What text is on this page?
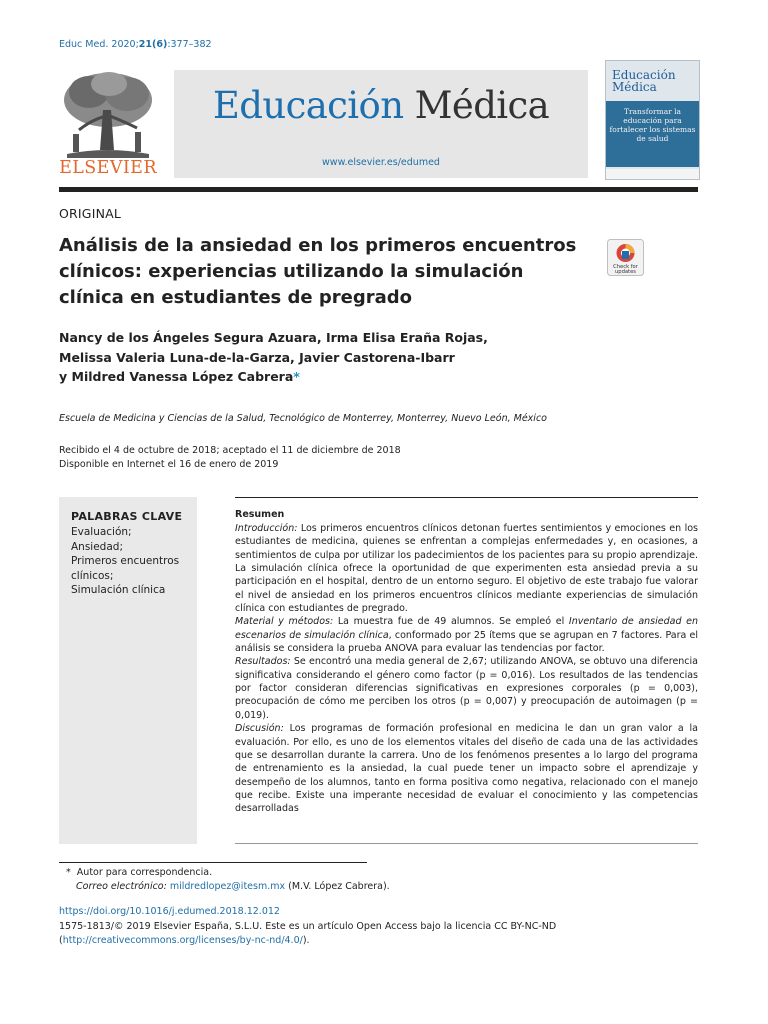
Educ Med. 2020;21(6):377–382
ELSEVIER
Educación Médica
www.elsevier.es/edumed
Educación
Médica
Transformar la educación para fortalecer los sistemas de salud
ORIGINAL
Análisis de la ansiedad en los primeros encuentros clínicos: experiencias utilizando la simulación clínica en estudiantes de pregrado
Check for
updates
Nancy de los Ángeles Segura Azuara, Irma Elisa Eraña Rojas,
Melissa Valeria Luna-de-la-Garza, Javier Castorena-Ibarr
y Mildred Vanessa López Cabrera*
Escuela de Medicina y Ciencias de la Salud, Tecnológico de Monterrey, Monterrey, Nuevo León, México
Recibido el 4 de octubre de 2018; aceptado el 11 de diciembre de 2018
Disponible en Internet el 16 de enero de 2019
PALABRAS CLAVE
Evaluación;
Ansiedad;
Primeros encuentros clínicos;
Simulación clínica
Resumen
Introducción: Los primeros encuentros clínicos detonan fuertes sentimientos y emociones en los estudiantes de medicina, quienes se enfrentan a complejas enfermedades y, en ocasiones, a sentimientos de culpa por utilizar los padecimientos de los pacientes para su propio aprendizaje. La simulación clínica ofrece la oportunidad de que experimenten esta ansiedad previa a su participación en el hospital, dentro de un entorno seguro. El objetivo de este trabajo fue valorar el nivel de ansiedad en los primeros encuentros clínicos mediante experiencias de simulación clínica con estudiantes de pregrado.
Material y métodos: La muestra fue de 49 alumnos. Se empleó el Inventario de ansiedad en escenarios de simulación clínica, conformado por 25 ítems que se agrupan en 7 factores. Para el análisis se considera la prueba ANOVA para evaluar las tendencias por factor.
Resultados: Se encontró una media general de 2,67; utilizando ANOVA, se obtuvo una diferencia significativa considerando el género como factor (p = 0,016). Los resultados de las tendencias por factor consideran diferencias significativas en expresiones corporales (p = 0,003), preocupación de cómo me perciben los otros (p = 0,007) y preocupación de autoimagen (p = 0,019).
Discusión: Los programas de formación profesional en medicina le dan un gran valor a la evaluación. Por ello, es uno de los elementos vitales del diseño de cada una de las actividades que se desarrollan durante la carrera. Uno de los fenómenos presentes a lo largo del programa de entrenamiento es la ansiedad, la cual puede tener un impacto sobre el aprendizaje y desempeño de los alumnos, tanto en forma positiva como negativa, relacionado con el manejo que recibe. Existe una imperante necesidad de evaluar el conocimiento y las competencias desarrolladas
* Autor para correspondencia.
Correo electrónico: mildredlopez@itesm.mx (M.V. López Cabrera).
https://doi.org/10.1016/j.edumed.2018.12.012
1575-1813/© 2019 Elsevier España, S.L.U. Este es un artículo Open Access bajo la licencia CC BY-NC-ND (http://creativecommons.org/licenses/by-nc-nd/4.0/).
